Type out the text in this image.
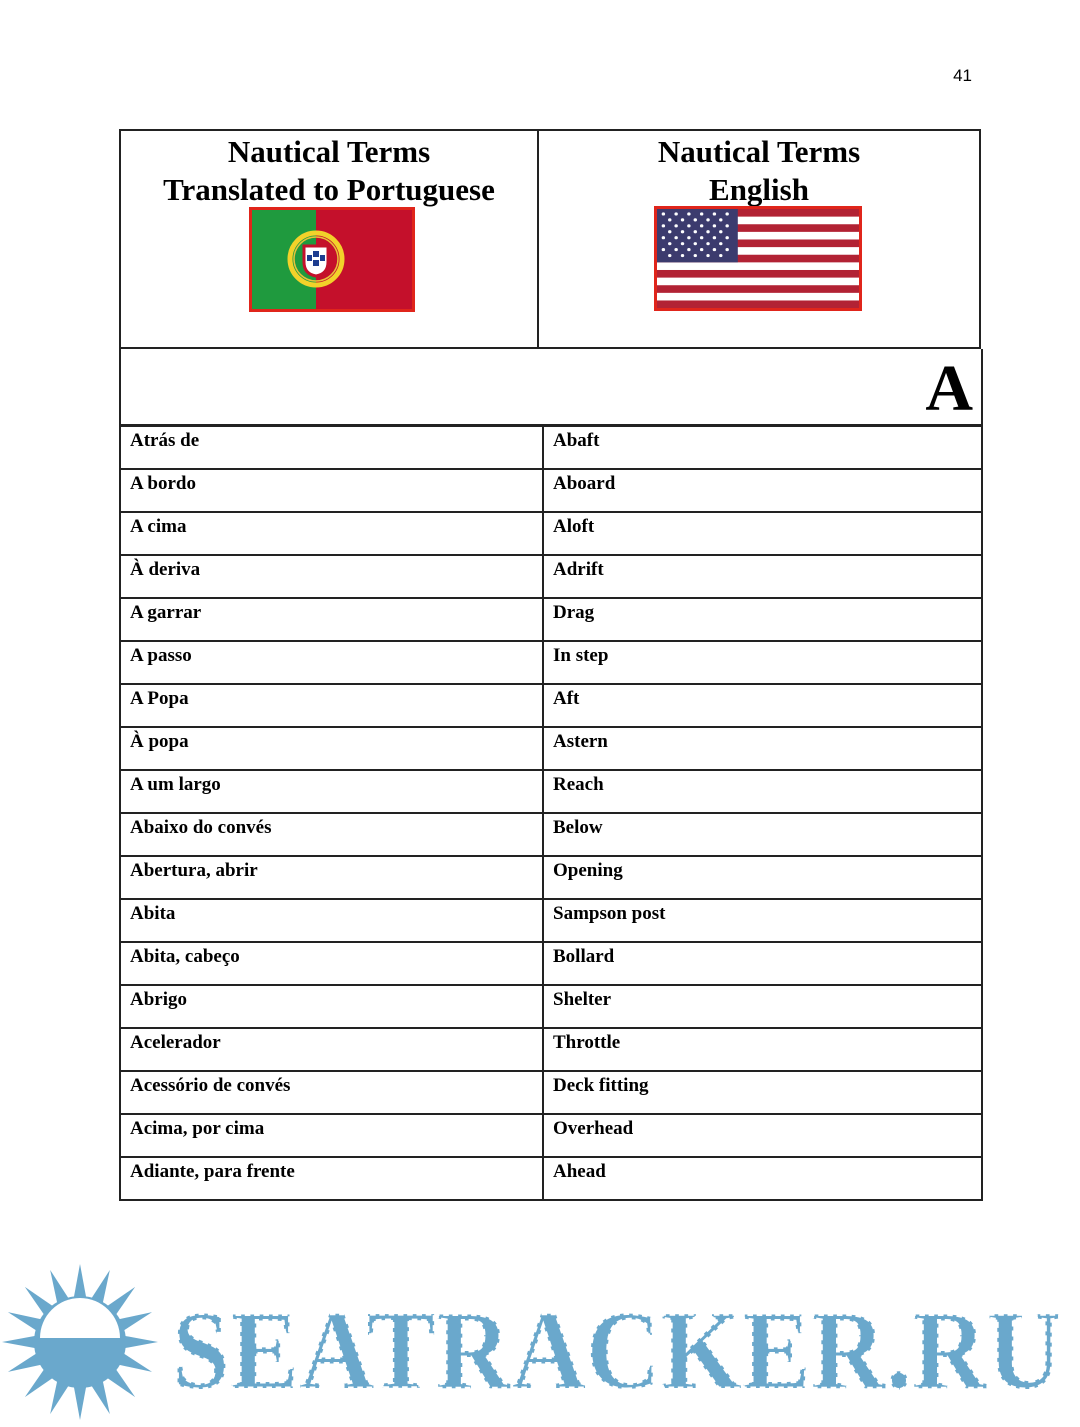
41
Nautical Terms
Translated to Portuguese
Nautical Terms
English
A
Atrás de	Abaft
A bordo	Aboard
A cima	Aloft
À deriva	Adrift
A garrar	Drag
A passo	In step
A Popa	Aft
À popa	Astern
A um largo	Reach
Abaixo do convés	Below
Abertura, abrir	Opening
Abita	Sampson post
Abita, cabeço	Bollard
Abrigo	Shelter
Acelerador	Throttle
Acessório de convés	Deck fitting
Acima, por cima	Overhead
Adiante, para frente	Ahead
SEATRACKER.RU
